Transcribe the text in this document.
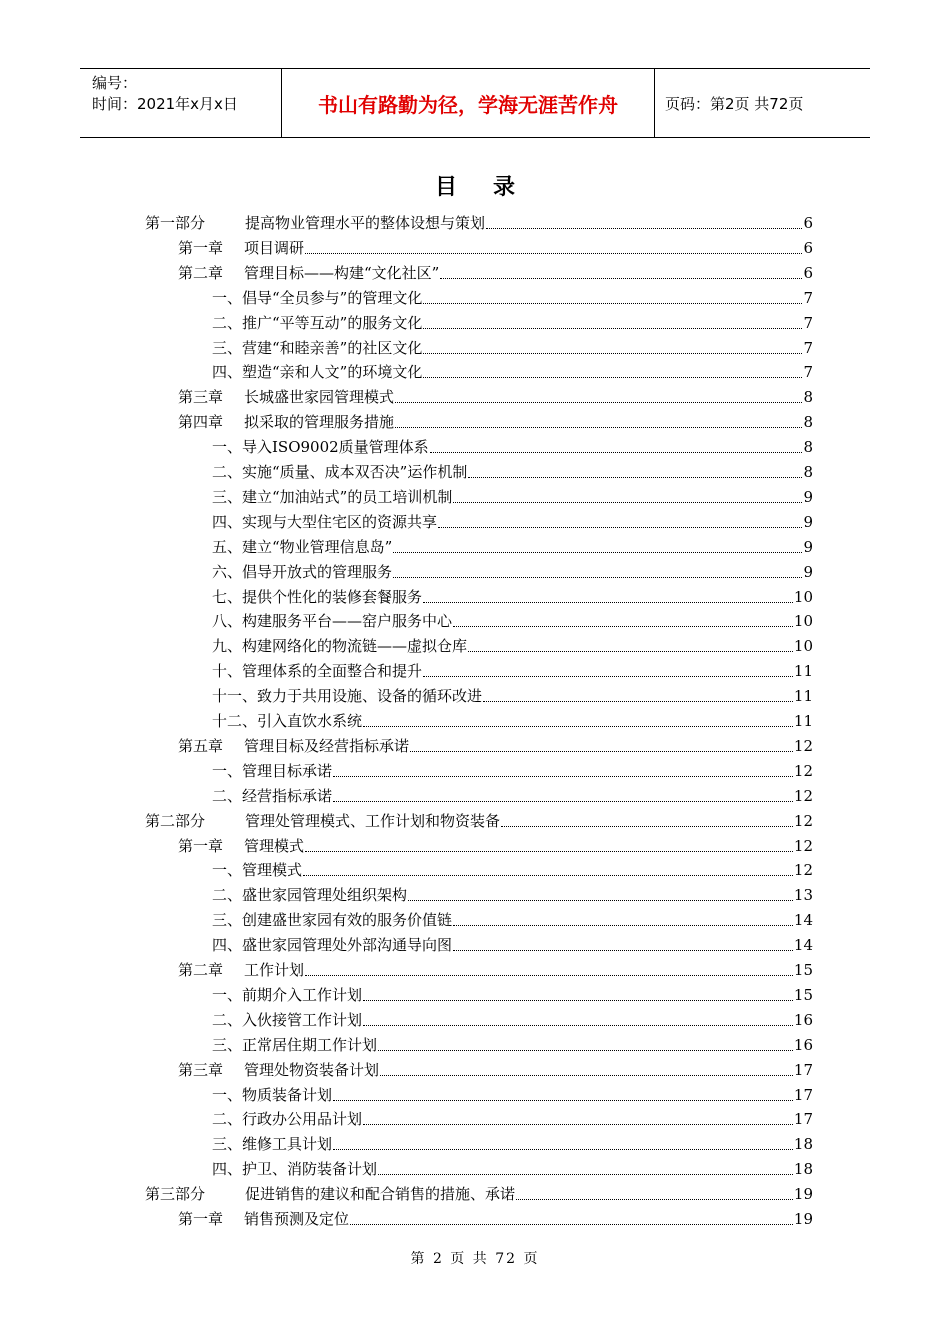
编号：
时间：2021年x月x日	书山有路勤为径，学海无涯苦作舟	页码：第2页 共72页
目录
第一部分	提高物业管理水平的整体设想与策划	6
第一章 项目调研	6
第二章 管理目标——构建“文化社区”	6
一、倡导“全员参与”的管理文化	7
二、推广“平等互动”的服务文化	7
三、营建“和睦亲善”的社区文化	7
四、塑造“亲和人文”的环境文化	7
第三章 长城盛世家园管理模式	8
第四章 拟采取的管理服务措施	8
一、导入ISO9002质量管理体系	8
二、实施“质量、成本双否决”运作机制	8
三、建立“加油站式”的员工培训机制	9
四、实现与大型住宅区的资源共享	9
五、建立“物业管理信息岛”	9
六、倡导开放式的管理服务	9
七、提供个性化的装修套餐服务	10
八、构建服务平台——窑户服务中心	10
九、构建网络化的物流链——虚拟仓库	10
十、管理体系的全面整合和提升	11
十一、致力于共用设施、设备的循环改进	11
十二、引入直饮水系统	11
第五章 管理目标及经营指标承诺	12
一、管理目标承诺	12
二、经营指标承诺	12
第二部分	管理处管理模式、工作计划和物资装备	12
第一章 管理模式	12
一、管理模式	12
二、盛世家园管理处组织架构	13
三、创建盛世家园有效的服务价值链	14
四、盛世家园管理处外部沟通导向图	14
第二章 工作计划	15
一、前期介入工作计划	15
二、入伙接管工作计划	16
三、正常居住期工作计划	16
第三章 管理处物资装备计划	17
一、物质装备计划	17
二、行政办公用品计划	17
三、维修工具计划	18
四、护卫、消防装备计划	18
第三部分	促进销售的建议和配合销售的措施、承诺	19
第一章 销售预测及定位	19
第 2 页 共 72 页
